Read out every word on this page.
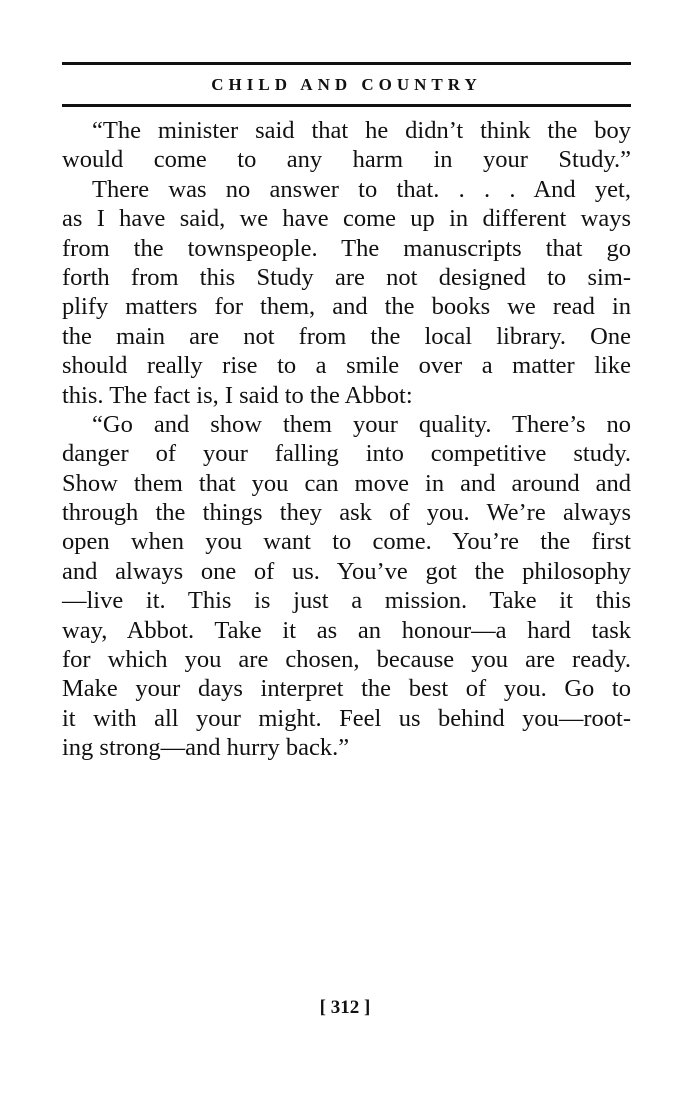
CHILD AND COUNTRY
“The minister said that he didn’t think the boy
would come to any harm in your Study.”
There was no answer to that. . . . And yet,
as I have said, we have come up in different ways
from the townspeople. The manuscripts that go
forth from this Study are not designed to sim-
plify matters for them, and the books we read in
the main are not from the local library. One
should really rise to a smile over a matter like
this. The fact is, I said to the Abbot:
“Go and show them your quality. There’s no
danger of your falling into competitive study.
Show them that you can move in and around and
through the things they ask of you. We’re always
open when you want to come. You’re the first
and always one of us. You’ve got the philosophy
—live it. This is just a mission. Take it this
way, Abbot. Take it as an honour—a hard task
for which you are chosen, because you are ready.
Make your days interpret the best of you. Go to
it with all your might. Feel us behind you—root-
ing strong—and hurry back.”
[ 312 ]
